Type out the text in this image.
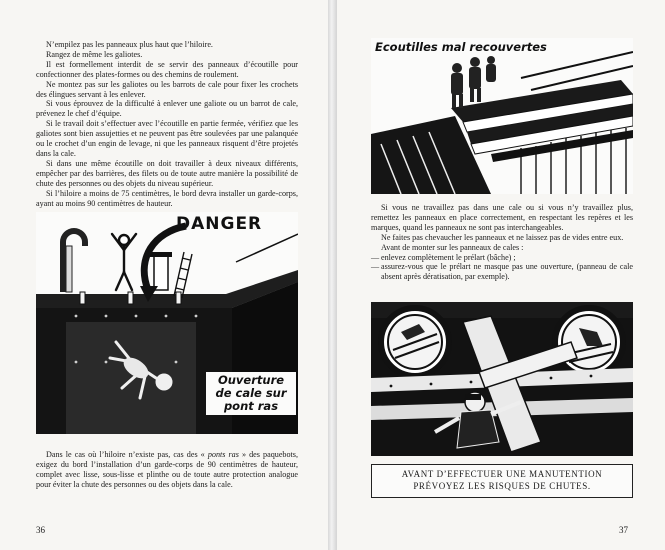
N’empilez pas les panneaux plus haut que l’hiloire.

Rangez de même les galiotes.

Il est formellement interdit de se servir des panneaux d’écoutille pour confectionner des plates-formes ou des chemins de roulement.

Ne montez pas sur les galiotes ou les barrots de cale pour fixer les crochets des élingues servant à les enlever.

Si vous éprouvez de la difficulté à enlever une galiote ou un barrot de cale, prévenez le chef d’équipe.

Si le travail doit s’effectuer avec l’écoutille en partie fermée, vérifiez que les galiotes sont bien assujetties et ne peuvent pas être soulevées par une palanquée ou le crochet d’un engin de levage, ni que les panneaux risquent d’être projetés dans la cale.

Si dans une même écoutille on doit travailler à deux niveaux différents, empêcher par des barrières, des filets ou de toute autre manière la possibilité de chute des personnes ou des objets du niveau supérieur.

Si l’hiloire a moins de 75 centimètres, le bord devra installer un garde-corps, ayant au moins 90 centimètres de hauteur.

DANGER
Ouverture
de cale sur
pont ras

Dans le cas où l’hiloire n’existe pas, cas des « ponts ras » des paquebots, exigez du bord l’installation d’un garde-corps de 90 centimètres de hauteur, complet avec lisse, sous-lisse et plinthe ou de toute autre protection analogue pour éviter la chute des personnes ou des objets dans la cale.

36
Ecoutilles mal recouvertes

Si vous ne travaillez pas dans une cale ou si vous n’y travaillez plus, remettez les panneaux en place correctement, en respectant les repères et les marques, quand les panneaux ne sont pas interchangeables.

Ne faites pas chevaucher les panneaux et ne laissez pas de vides entre eux.

Avant de monter sur les panneaux de cales :

— enlevez complètement le prélart (bâche) ;

— assurez-vous que le prélart ne masque pas une ouverture, (panneau de cale absent après dératisation, par exemple).

AVANT D’EFFECTUER UNE MANUTENTION
PRÉVOYEZ LES RISQUES DE CHUTES.
37
